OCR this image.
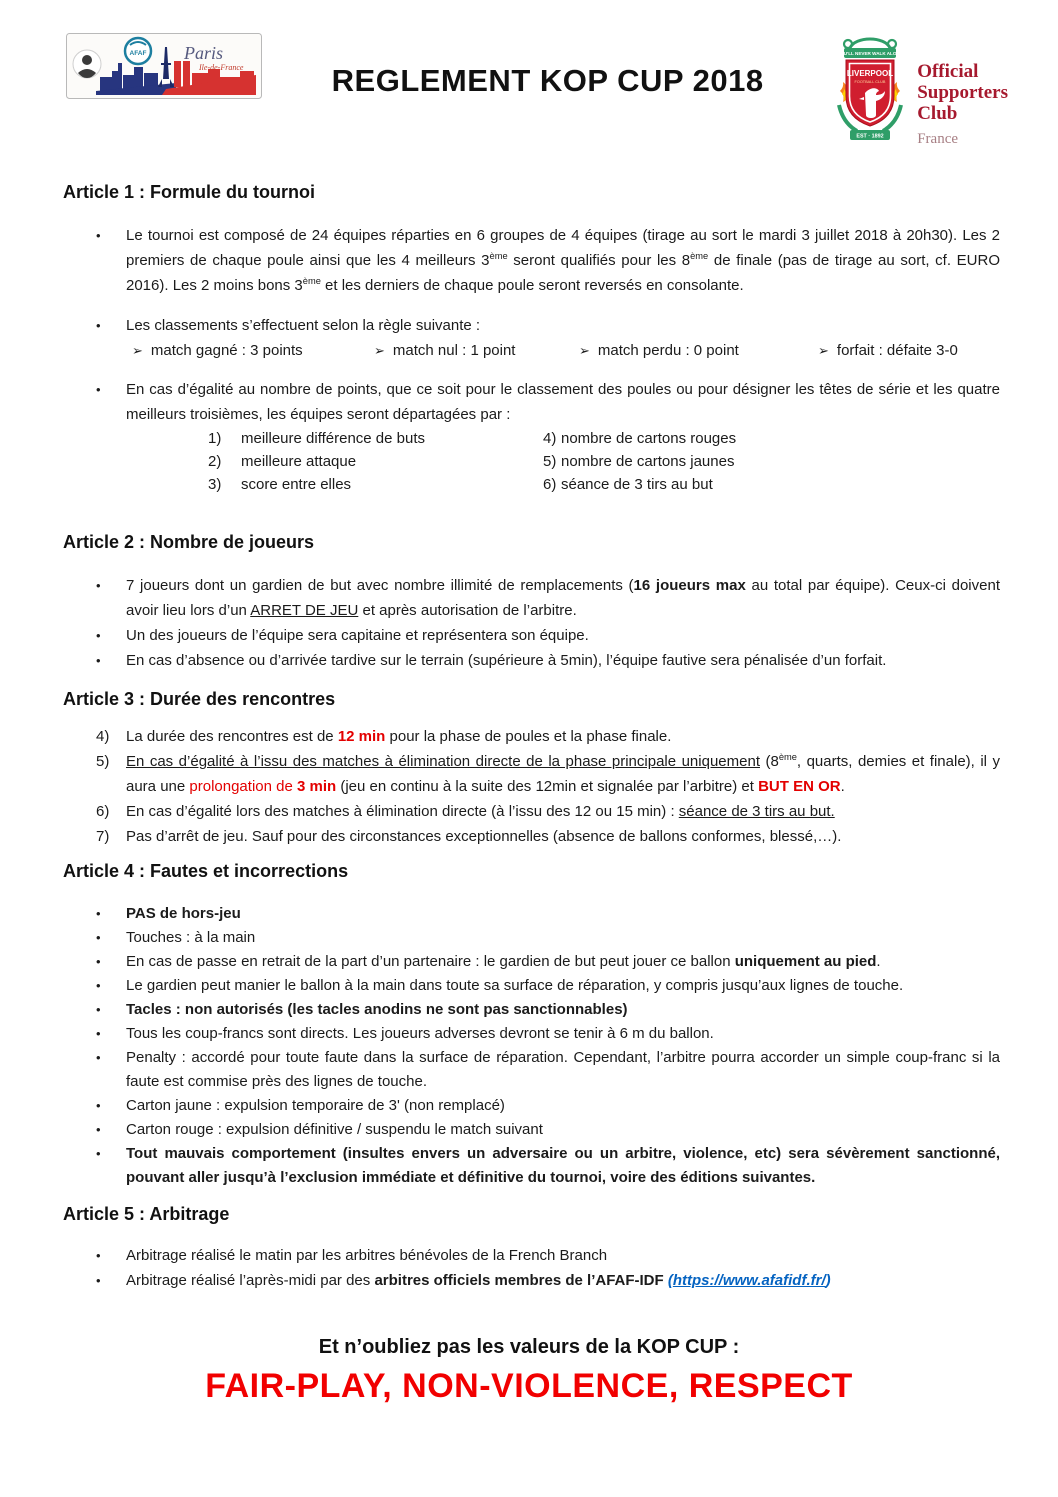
AFAF Paris
Ile-de-France	REGLEMENT KOP CUP 2018
YOU'LL NEVER WALK ALONE
LIVERPOOL
FOOTBALL CLUB
EST · 1892
Official
Supporters
Club
France
Article 1 : Formule du tournoi
•	Le tournoi est composé de 24 équipes réparties en 6 groupes de 4 équipes (tirage au sort le mardi 3 juillet 2018 à 20h30). Les 2 premiers de chaque poule ainsi que les 4 meilleurs 3ème seront qualifiés pour les 8ème de finale (pas de tirage au sort, cf. EURO 2016). Les 2 moins bons 3ème et les derniers de chaque poule seront reversés en consolante.
•	Les classements s’effectuent selon la règle suivante :
➢ match gagné : 3 points	➢ match nul : 1 point	➢ match perdu : 0 point	➢ forfait : défaite 3-0
•	En cas d’égalité au nombre de points, que ce soit pour le classement des poules ou pour désigner les têtes de série et les quatre meilleurs troisièmes, les équipes seront départagées par :
1)	meilleure différence de buts	4) nombre de cartons rouges
2)	meilleure attaque	5) nombre de cartons jaunes
3)	score entre elles	6) séance de 3 tirs au but
Article 2 : Nombre de joueurs
•	7 joueurs dont un gardien de but avec nombre illimité de remplacements (16 joueurs max au total par équipe). Ceux-ci doivent avoir lieu lors d’un ARRET DE JEU et après autorisation de l’arbitre.
•	Un des joueurs de l’équipe sera capitaine et représentera son équipe.
•	En cas d’absence ou d’arrivée tardive sur le terrain (supérieure à 5min), l’équipe fautive sera pénalisée d’un forfait.
Article 3 : Durée des rencontres
4)	La durée des rencontres est de 12 min pour la phase de poules et la phase finale.
5)	En cas d’égalité à l’issu des matches à élimination directe de la phase principale uniquement (8ème, quarts, demies et finale), il y aura une prolongation de 3 min (jeu en continu à la suite des 12min et signalée par l’arbitre) et BUT EN OR.
6)	En cas d’égalité lors des matches à élimination directe (à l’issu des 12 ou 15 min) : séance de 3 tirs au but.
7)	Pas d’arrêt de jeu. Sauf pour des circonstances exceptionnelles (absence de ballons conformes, blessé,…).
Article 4 : Fautes et incorrections
•	PAS de hors-jeu
•	Touches : à la main
•	En cas de passe en retrait de la part d’un partenaire : le gardien de but peut jouer ce ballon uniquement au pied.
•	Le gardien peut manier le ballon à la main dans toute sa surface de réparation, y compris jusqu’aux lignes de touche.
•	Tacles : non autorisés (les tacles anodins ne sont pas sanctionnables)
•	Tous les coup-francs sont directs. Les joueurs adverses devront se tenir à 6 m du ballon.
•	Penalty : accordé pour toute faute dans la surface de réparation. Cependant, l’arbitre pourra accorder un simple coup-franc si la faute est commise près des lignes de touche.
•	Carton jaune : expulsion temporaire de 3' (non remplacé)
•	Carton rouge : expulsion définitive / suspendu le match suivant
•	Tout mauvais comportement (insultes envers un adversaire ou un arbitre, violence, etc) sera sévèrement sanctionné, pouvant aller jusqu’à l’exclusion immédiate et définitive du tournoi, voire des éditions suivantes.
Article 5 : Arbitrage
•	Arbitrage réalisé le matin par les arbitres bénévoles de la French Branch
•	Arbitrage réalisé l’après-midi par des arbitres officiels membres de l’AFAF-IDF (https://www.afafidf.fr/)
Et n’oubliez pas les valeurs de la KOP CUP :
FAIR-PLAY, NON-VIOLENCE, RESPECT
